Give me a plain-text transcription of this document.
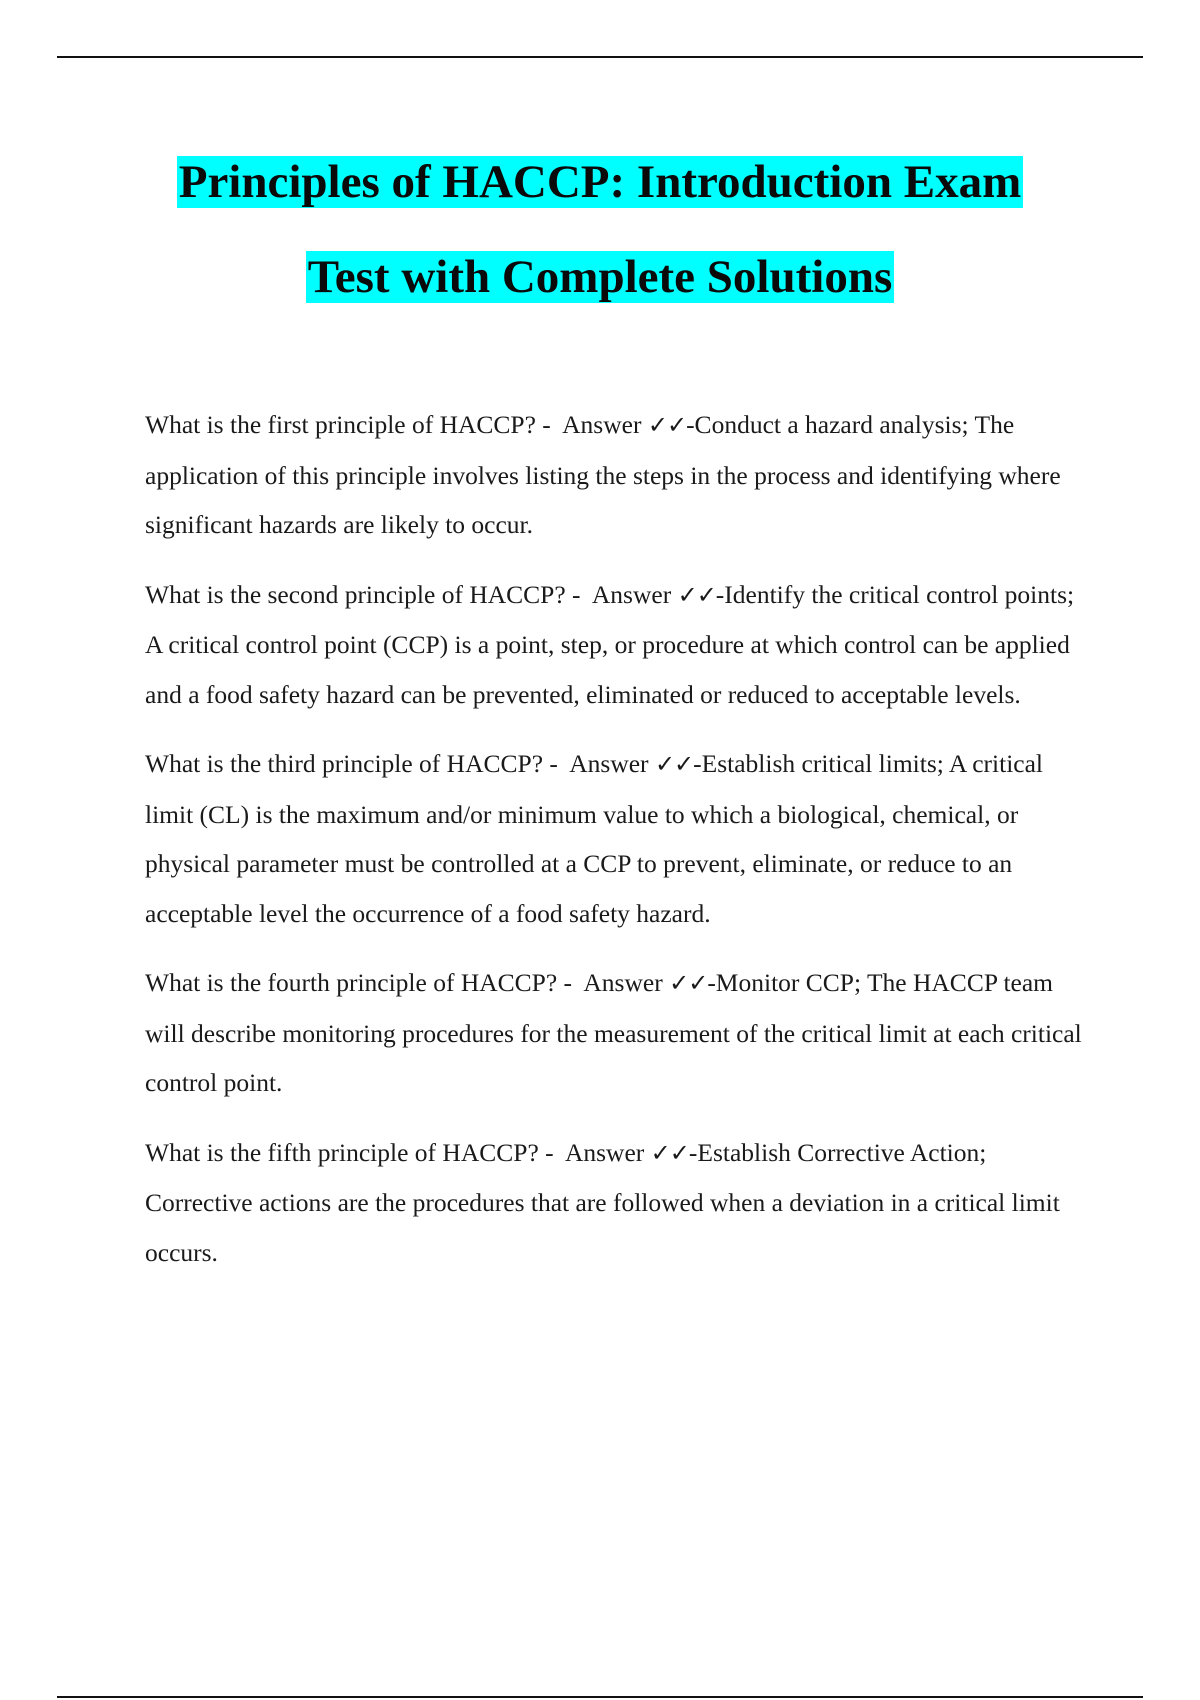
Principles of HACCP: Introduction Exam
Test with Complete Solutions

What is the first principle of HACCP? - Answer ✓✓-Conduct a hazard analysis; The application of this principle involves listing the steps in the process and identifying where significant hazards are likely to occur.

What is the second principle of HACCP? - Answer ✓✓-Identify the critical control points; A critical control point (CCP) is a point, step, or procedure at which control can be applied and a food safety hazard can be prevented, eliminated or reduced to acceptable levels.

What is the third principle of HACCP? - Answer ✓✓-Establish critical limits; A critical limit (CL) is the maximum and/or minimum value to which a biological, chemical, or physical parameter must be controlled at a CCP to prevent, eliminate, or reduce to an acceptable level the occurrence of a food safety hazard.

What is the fourth principle of HACCP? - Answer ✓✓-Monitor CCP; The HACCP team will describe monitoring procedures for the measurement of the critical limit at each critical control point.

What is the fifth principle of HACCP? - Answer ✓✓-Establish Corrective Action; Corrective actions are the procedures that are followed when a deviation in a critical limit occurs.
